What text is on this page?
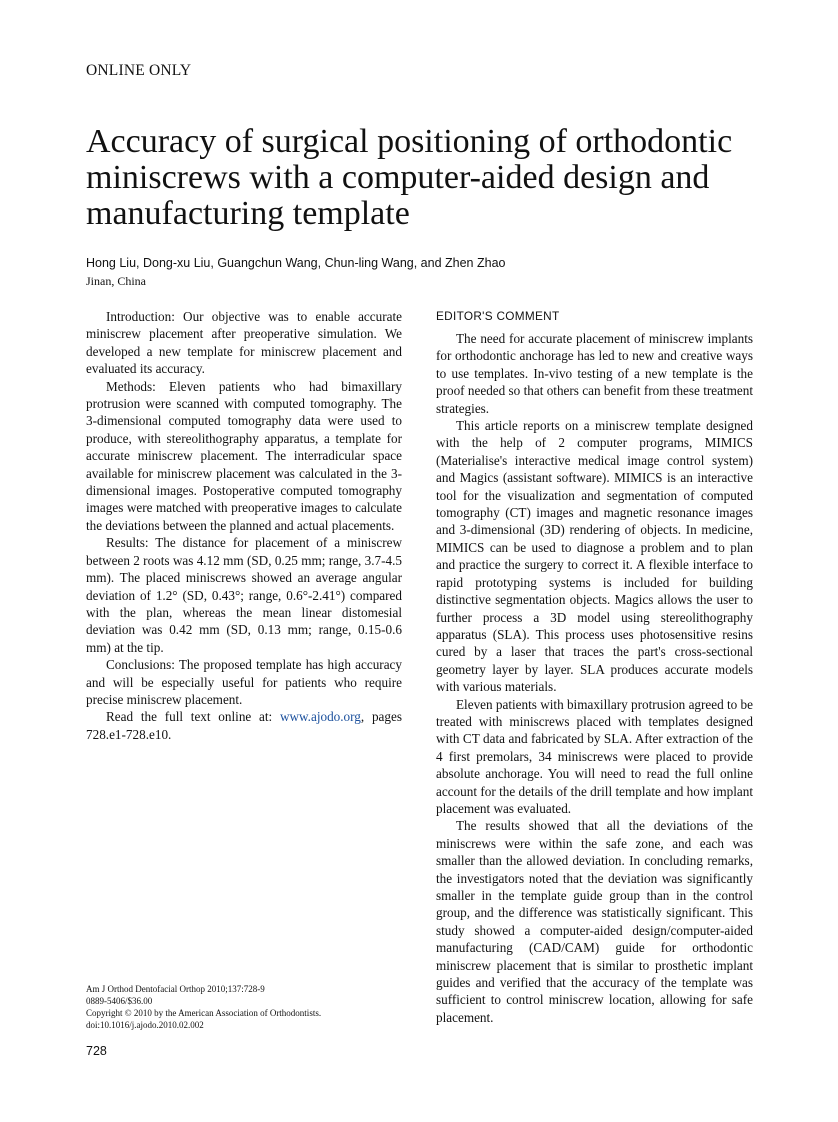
ONLINE ONLY
Accuracy of surgical positioning of orthodontic miniscrews with a computer-aided design and manufacturing template
Hong Liu, Dong-xu Liu, Guangchun Wang, Chun-ling Wang, and Zhen Zhao
Jinan, China

Introduction: Our objective was to enable accurate miniscrew placement after preoperative simulation. We developed a new template for miniscrew placement and evaluated its accuracy.

Methods: Eleven patients who had bimaxillary protrusion were scanned with computed tomography. The 3-dimensional computed tomography data were used to produce, with stereolithography apparatus, a template for accurate miniscrew placement. The interradicular space available for miniscrew placement was calculated in the 3-dimensional images. Postoperative computed tomography images were matched with preoperative images to calculate the deviations between the planned and actual placements.

Results: The distance for placement of a miniscrew between 2 roots was 4.12 mm (SD, 0.25 mm; range, 3.7-4.5 mm). The placed miniscrews showed an average angular deviation of 1.2° (SD, 0.43°; range, 0.6°-2.41°) compared with the plan, whereas the mean linear distomesial deviation was 0.42 mm (SD, 0.13 mm; range, 0.15-0.6 mm) at the tip.

Conclusions: The proposed template has high accuracy and will be especially useful for patients who require precise miniscrew placement.

Read the full text online at: www.ajodo.org, pages 728.e1-728.e10.

EDITOR'S COMMENT

The need for accurate placement of miniscrew implants for orthodontic anchorage has led to new and creative ways to use templates. In-vivo testing of a new template is the proof needed so that others can benefit from these treatment strategies.

This article reports on a miniscrew template designed with the help of 2 computer programs, MIMICS (Materialise's interactive medical image control system) and Magics (assistant software). MIMICS is an interactive tool for the visualization and segmentation of computed tomography (CT) images and magnetic resonance images and 3-dimensional (3D) rendering of objects. In medicine, MIMICS can be used to diagnose a problem and to plan and practice the surgery to correct it. A flexible interface to rapid prototyping systems is included for building distinctive segmentation objects. Magics allows the user to further process a 3D model using stereolithography apparatus (SLA). This process uses photosensitive resins cured by a laser that traces the part's cross-sectional geometry layer by layer. SLA produces accurate models with various materials.

Eleven patients with bimaxillary protrusion agreed to be treated with miniscrews placed with templates designed with CT data and fabricated by SLA. After extraction of the 4 first premolars, 34 miniscrews were placed to provide absolute anchorage. You will need to read the full online account for the details of the drill template and how implant placement was evaluated.

The results showed that all the deviations of the miniscrews were within the safe zone, and each was smaller than the allowed deviation. In concluding remarks, the investigators noted that the deviation was significantly smaller in the template guide group than in the control group, and the difference was statistically significant. This study showed a computer-aided design/computer-aided manufacturing (CAD/CAM) guide for orthodontic miniscrew placement that is similar to prosthetic implant guides and verified that the accuracy of the template was sufficient to control miniscrew location, allowing for safe placement.

Am J Orthod Dentofacial Orthop 2010;137:728-9
0889-5406/$36.00
Copyright © 2010 by the American Association of Orthodontists.
doi:10.1016/j.ajodo.2010.02.002
728
